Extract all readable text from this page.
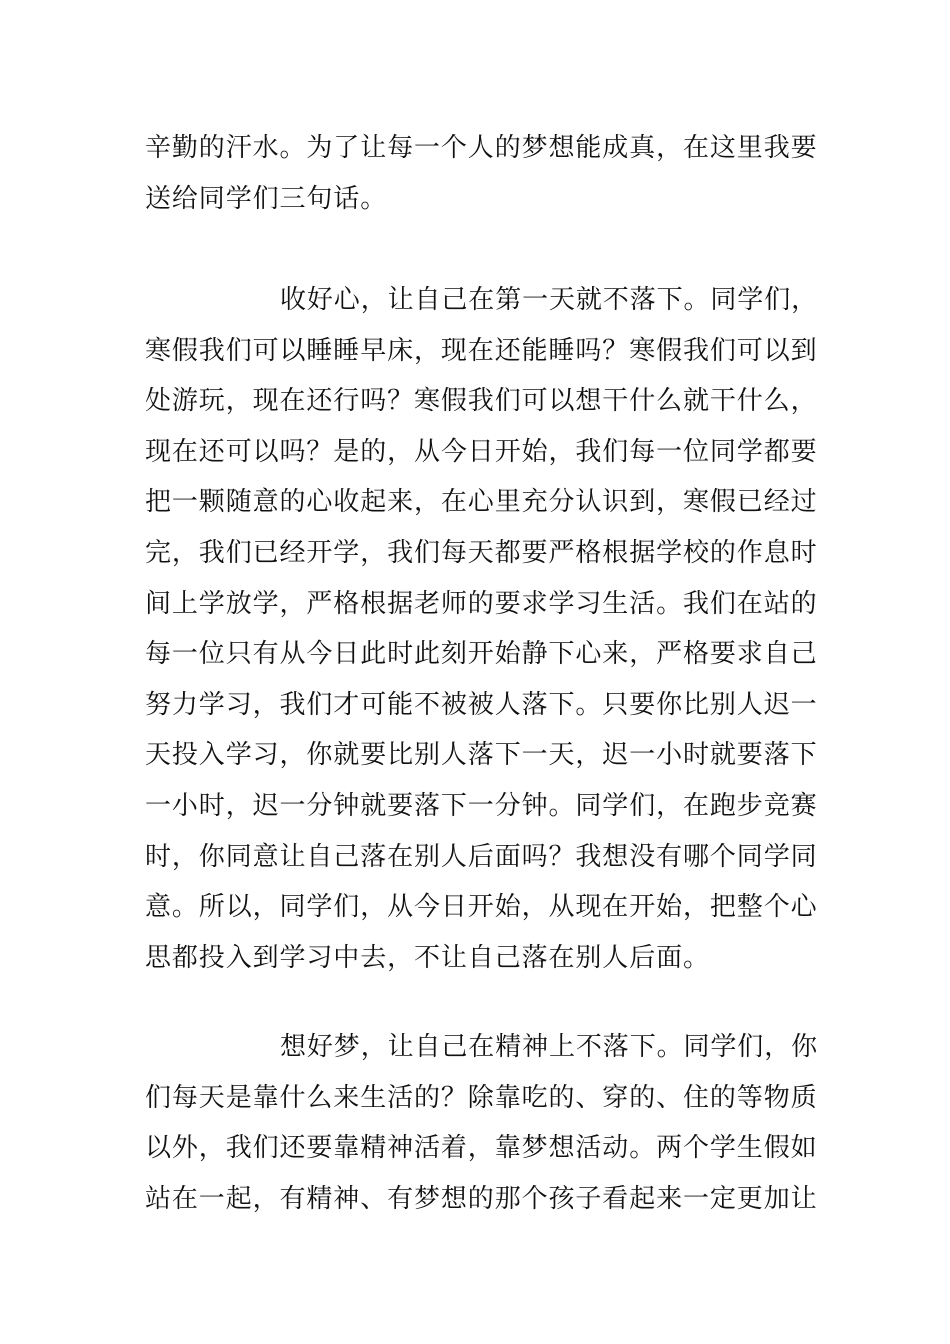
辛勤的汗水。为了让每一个人的梦想能成真，在这里我要
送给同学们三句话。
收好心，让自己在第一天就不落下。同学们，
寒假我们可以睡睡早床，现在还能睡吗？寒假我们可以到
处游玩，现在还行吗？寒假我们可以想干什么就干什么，
现在还可以吗？是的，从今日开始，我们每一位同学都要
把一颗随意的心收起来，在心里充分认识到，寒假已经过
完，我们已经开学，我们每天都要严格根据学校的作息时
间上学放学，严格根据老师的要求学习生活。我们在站的
每一位只有从今日此时此刻开始静下心来，严格要求自己
努力学习，我们才可能不被被人落下。只要你比别人迟一
天投入学习，你就要比别人落下一天，迟一小时就要落下
一小时，迟一分钟就要落下一分钟。同学们，在跑步竞赛
时，你同意让自己落在别人后面吗？我想没有哪个同学同
意。所以，同学们，从今日开始，从现在开始，把整个心
思都投入到学习中去，不让自己落在别人后面。
想好梦，让自己在精神上不落下。同学们，你
们每天是靠什么来生活的？除靠吃的、穿的、住的等物质
以外，我们还要靠精神活着，靠梦想活动。两个学生假如
站在一起，有精神、有梦想的那个孩子看起来一定更加让
